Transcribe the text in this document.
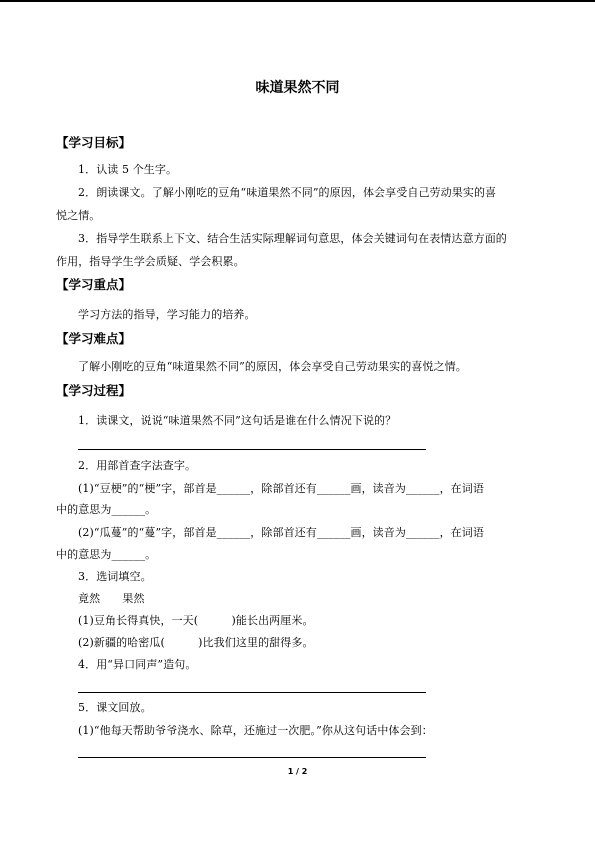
味道果然不同
【学习目标】
1．认读 5 个生字。
2．朗读课文。了解小刚吃的豆角“味道果然不同”的原因，体会享受自己劳动果实的喜
悦之情。
3．指导学生联系上下文、结合生活实际理解词句意思，体会关键词句在表情达意方面的
作用，指导学生学会质疑、学会积累。
【学习重点】
学习方法的指导，学习能力的培养。
【学习难点】
了解小刚吃的豆角“味道果然不同”的原因，体会享受自己劳动果实的喜悦之情。
【学习过程】
1．读课文，说说“味道果然不同”这句话是谁在什么情况下说的？
2．用部首查字法查字。
(1)“豆梗”的“梗”字，部首是______，除部首还有______画，读音为______，在词语
中的意思为______。
(2)“瓜蔓”的“蔓”字，部首是______，除部首还有______画，读音为______，在词语
中的意思为______。
3．选词填空。
竟然　　果然
(1)豆角长得真快，一天(　　　)能长出两厘米。
(2)新疆的哈密瓜(　　　)比我们这里的甜得多。
4．用“异口同声”造句。
5．课文回放。
(1)“他每天帮助爷爷浇水、除草，还施过一次肥。”你从这句话中体会到：
1 / 2
